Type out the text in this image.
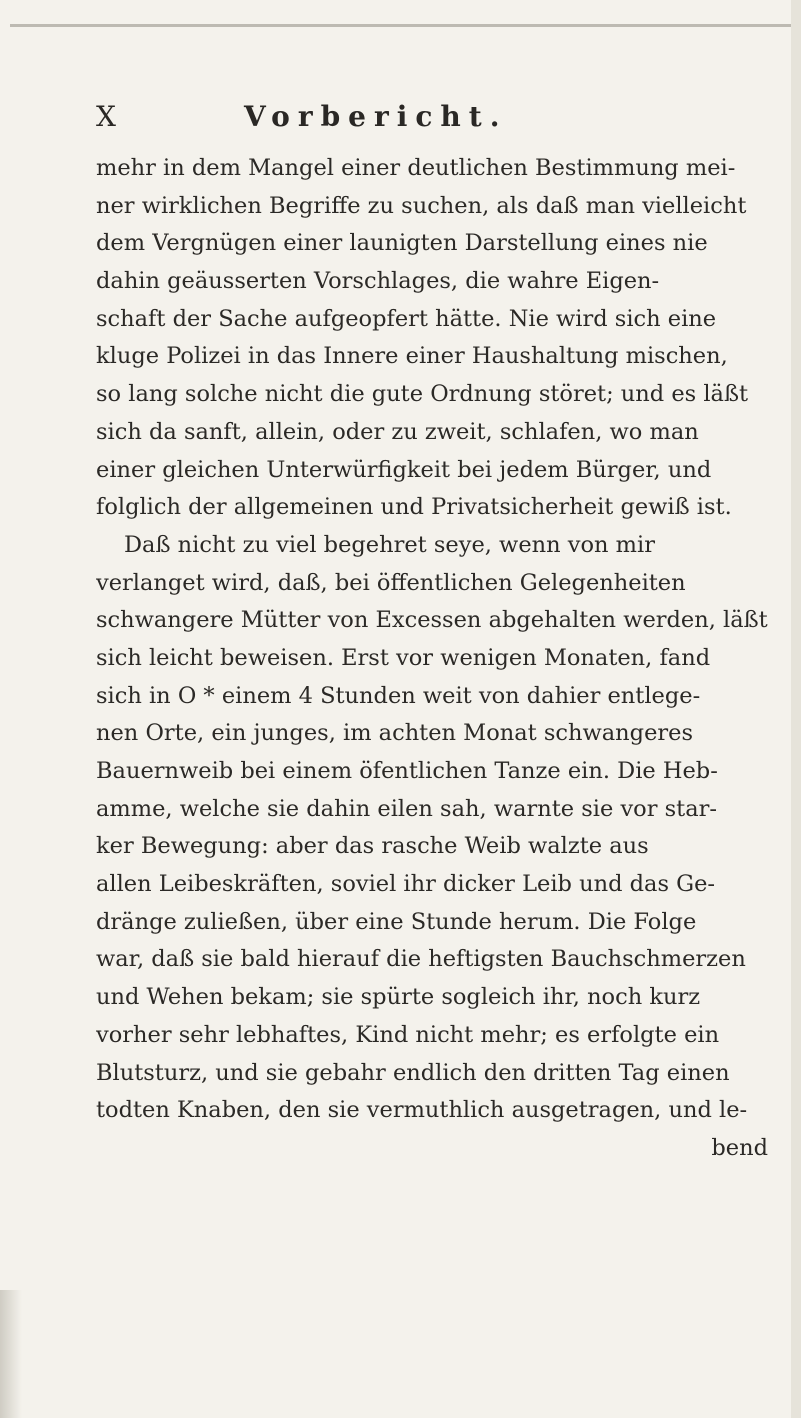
X	Vorbericht.
mehr in dem Mangel einer deutlichen Bestimmung mei-
ner wirklichen Begriffe zu suchen, als daß man vielleicht
dem Vergnügen einer launigten Darstellung eines nie
dahin geäusserten Vorschlages, die wahre Eigen-
schaft der Sache aufgeopfert hätte. Nie wird sich eine
kluge Polizei in das Innere einer Haushaltung mischen,
so lang solche nicht die gute Ordnung störet; und es läßt
sich da sanft, allein, oder zu zweit, schlafen, wo man
einer gleichen Unterwürfigkeit bei jedem Bürger, und
folglich der allgemeinen und Privatsicherheit gewiß ist.
Daß nicht zu viel begehret seye, wenn von mir
verlanget wird, daß, bei öffentlichen Gelegenheiten
schwangere Mütter von Excessen abgehalten werden, läßt
sich leicht beweisen. Erst vor wenigen Monaten, fand
sich in O * einem 4 Stunden weit von dahier entlege-
nen Orte, ein junges, im achten Monat schwangeres
Bauernweib bei einem öfentlichen Tanze ein. Die Heb-
amme, welche sie dahin eilen sah, warnte sie vor star-
ker Bewegung: aber das rasche Weib walzte aus
allen Leibeskräften, soviel ihr dicker Leib und das Ge-
dränge zuließen, über eine Stunde herum. Die Folge
war, daß sie bald hierauf die heftigsten Bauchschmerzen
und Wehen bekam; sie spürte sogleich ihr, noch kurz
vorher sehr lebhaftes, Kind nicht mehr; es erfolgte ein
Blutsturz, und sie gebahr endlich den dritten Tag einen
todten Knaben, den sie vermuthlich ausgetragen, und le-
bend
